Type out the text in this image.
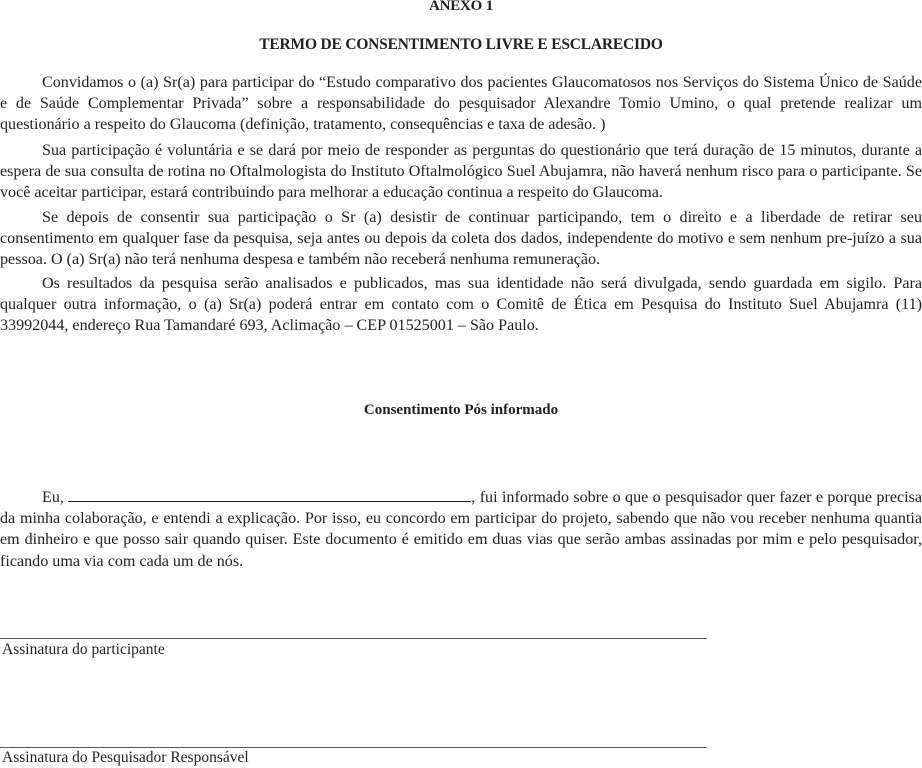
ANEXO 1
TERMO DE CONSENTIMENTO LIVRE E ESCLARECIDO

Convidamos o (a) Sr(a) para participar do “Estudo comparativo dos pacientes Glaucomatosos nos Serviços do Sistema Único de Saúde e de Saúde Complementar Privada” sobre a responsabilidade do pesquisador Alexandre Tomio Umino, o qual pretende realizar um questionário a respeito do Glaucoma (definição, tratamento, consequências e taxa de adesão. )

Sua participação é voluntária e se dará por meio de responder as perguntas do questionário que terá duração de 15 minutos, durante a espera de sua consulta de rotina no Oftalmologista do Instituto Oftalmológico Suel Abujamra, não haverá nenhum risco para o participante. Se você aceitar participar, estará contribuindo para melhorar a educação continua a respeito do Glaucoma.

Se depois de consentir sua participação o Sr (a) desistir de continuar participando, tem o direito e a liberdade de retirar seu consentimento em qualquer fase da pesquisa, seja antes ou depois da coleta dos dados, independente do motivo e sem nenhum pre-juízo a sua pessoa. O (a) Sr(a) não terá nenhuma despesa e também não receberá nenhuma remuneração.

Os resultados da pesquisa serão analisados e publicados, mas sua identidade não será divulgada, sendo guardada em sigilo. Para qualquer outra informação, o (a) Sr(a) poderá entrar em contato com o Comitê de Ética em Pesquisa do Instituto Suel Abujamra (11) 33992044, endereço Rua Tamandaré 693, Aclimação – CEP 01525001 – São Paulo.

Consentimento Pós informado

Eu,	, fui informado sobre o que o pesquisador quer fazer e porque precisa da minha colaboração, e entendi a explicação. Por isso, eu concordo em participar do projeto, sabendo que não vou receber nenhuma quantia em dinheiro e que posso sair quando quiser. Este documento é emitido em duas vias que serão ambas assinadas por mim e pelo pesquisador, ficando uma via com cada um de nós.

Assinatura do participante
Assinatura do Pesquisador Responsável
